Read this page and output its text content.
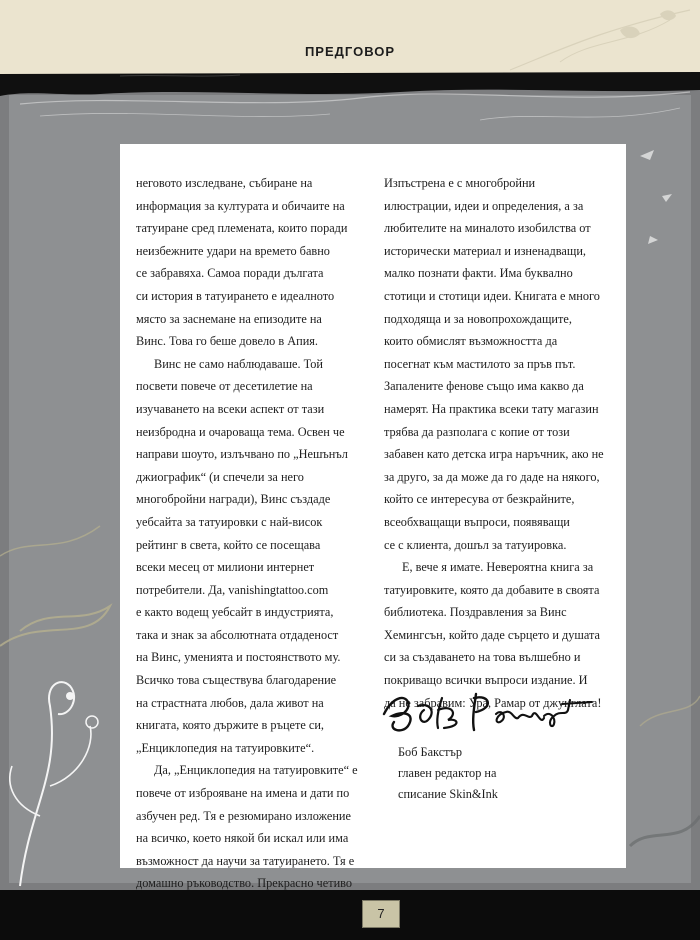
ПРЕДГОВОР

неговото изследване, събиране на
информация за културата и обичаите на
татуиране сред племената, които поради
неизбежните удари на времето бавно
се забравяха. Самоа поради дългата
си история в татуирането е идеалното
място за заснемане на епизодите на
Винс. Това го беше довело в Апия.

Винс не само наблюдаваше. Той
посвети повече от десетилетие на
изучаването на всеки аспект от тази
неизбродна и очароваща тема. Освен че
направи шоуто, излъчвано по „Нешънъл
джиографик“ (и спечели за него
многобройни награди), Винс създаде
уебсайта за татуировки с най-висок
рейтинг в света, който се посещава
всеки месец от милиони интернет
потребители. Да, vanishingtattoo.com
е както водещ уебсайт в индустрията,
така и знак за абсолютната отдаденост
на Винс, уменията и постоянството му.
Всичко това съществува благодарение
на страстната любов, дала живот на
книгата, която държите в ръцете си,
„Енциклопедия на татуировките“.

Да, „Енциклопедия на татуировките“ е
повече от изброяване на имена и дати по
азбучен ред. Тя е резюмирано изложение
на всичко, което някой би искал или има
възможност да научи за татуирането. Тя е
домашно ръководство. Прекрасно четиво

Изпъстрена е с многобройни
илюстрации, идеи и определения, а за
любителите на миналото изобилства от
исторически материал и изненадващи,
малко познати факти. Има буквално
стотици и стотици идеи. Книгата е много
подходяща и за новопрохождащите,
които обмислят възможността да
посегнат към мастилото за пръв път.
Запалените фенове също има какво да
намерят. На практика всеки тату магазин
трябва да разполага с копие от този
забавен като детска игра наръчник, ако не
за друго, за да може да го даде на някого,
който се интересува от безкрайните,
всеобхващащи въпроси, появяващи
се с клиента, дошъл за татуировка.

Е, вече я имате. Невероятна книга за
татуировките, която да добавите в своята
библиотека. Поздравления за Винс
Хемингсън, който даде сърцето и душата
си за създаването на това вълшебно и
покриващо всички въпроси издание. И
да не забравим: Ура, Рамар от джунглата!

Боб Бакстър
главен редактор на
списание Skin&Ink
7
